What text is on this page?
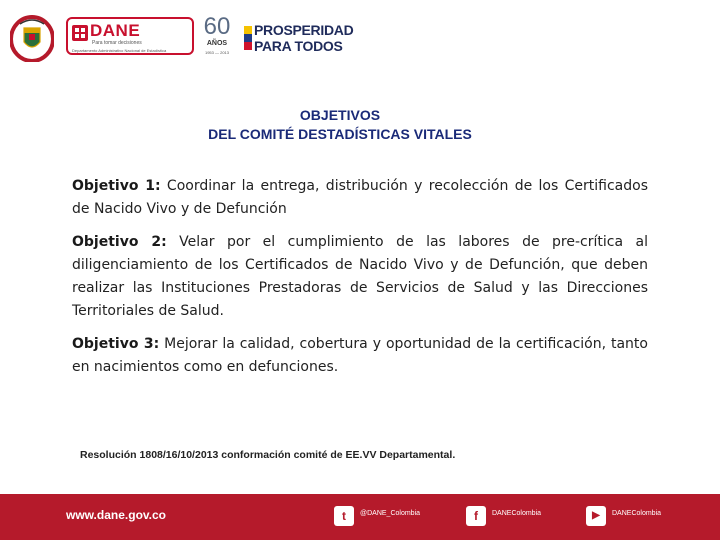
DANE
Para tomar decisiones
Departamento Administrativo Nacional de Estadística
60
AÑOS
1953 — 2013
PROSPERIDAD
PARA TODOS
OBJETIVOS
DEL COMITÉ DESTADÍSTICAS VITALES

Objetivo 1: Coordinar la entrega, distribución y recolección de los Certificados de Nacido Vivo y de Defunción

Objetivo 2: Velar por el cumplimiento de las labores de pre-crítica al diligenciamiento de los Certificados de Nacido Vivo y de Defunción, que deben realizar las Instituciones Prestadoras de Servicios de Salud y las Direcciones Territoriales de Salud.

Objetivo 3: Mejorar la calidad, cobertura y oportunidad de la certificación, tanto en nacimientos como en defunciones.

Resolución 1808/16/10/2013 conformación comité de EE.VV Departamental.
www.dane.gov.co	t	@DANE_Colombia	f	DANEColombia	▶	DANEColombia
